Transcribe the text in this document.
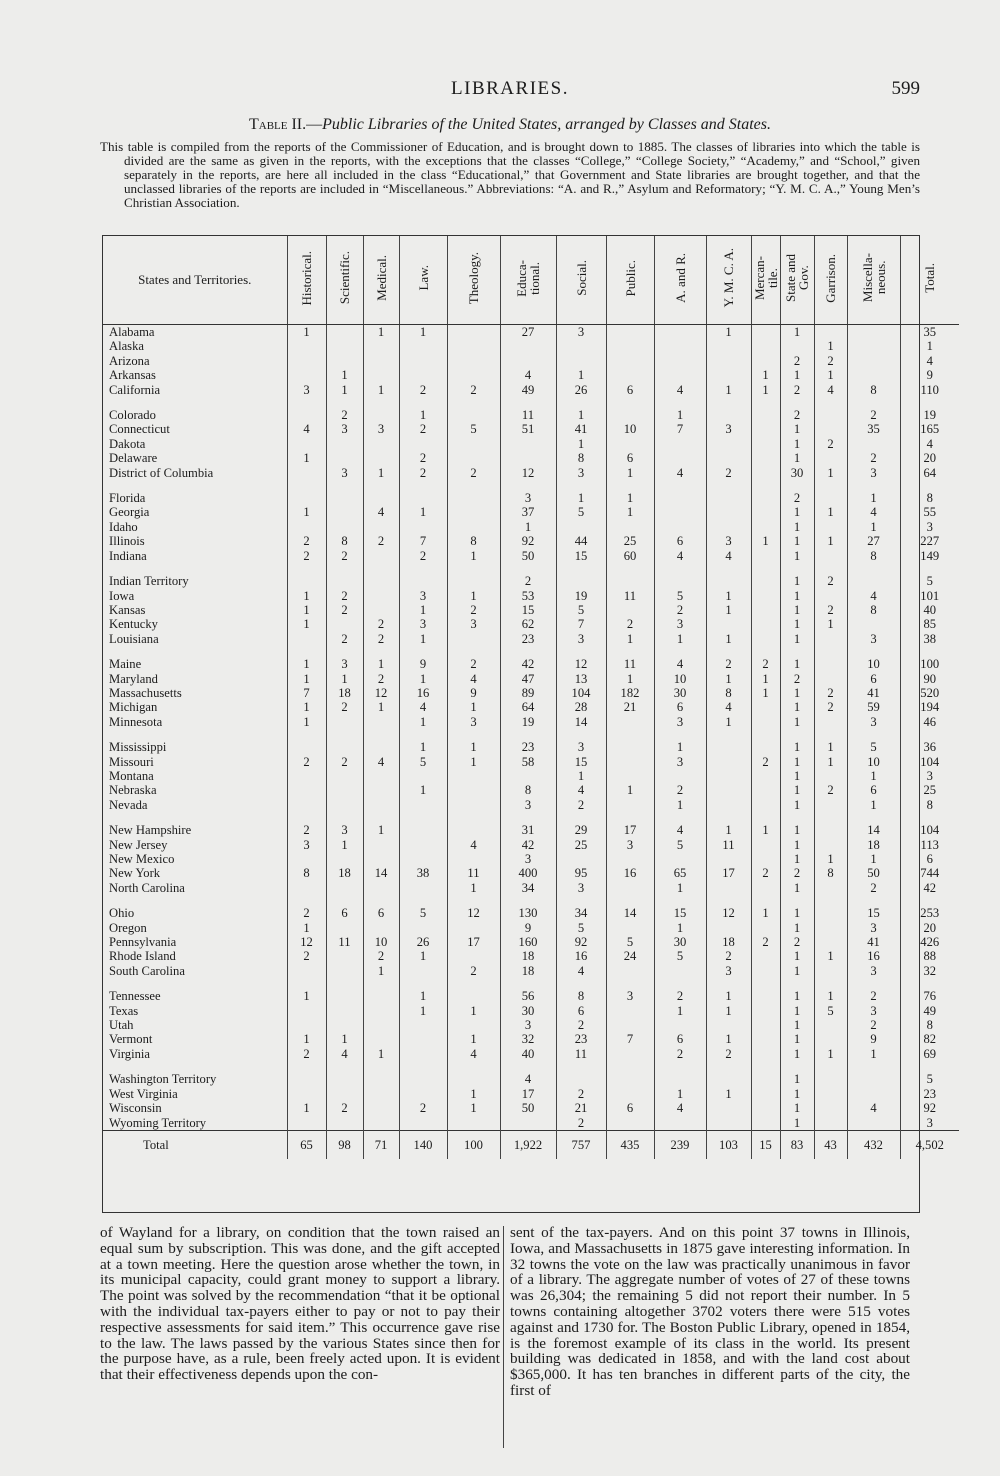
LIBRARIES.	599
Table II.—Public Libraries of the United States, arranged by Classes and States.

This table is compiled from the reports of the Commissioner of Education, and is brought down to 1885. The classes of libraries into which the table is divided are the same as given in the reports, with the exceptions that the classes “College,” “College Society,” “Academy,” and “School,” given separately in the reports, are here all included in the class “Educational,” that Government and State libraries are brought together, and that the unclassed libraries of the reports are included in “Miscellaneous.” Abbreviations: “A. and R.,” Asylum and Reformatory; “Y. M. C. A.,” Young Men’s Christian Association.

States and Territories.	Historical.	Scientific.	Medical.	Law.	Theology.	Educa-
tional.	Social.	Public.	A. and R.	Y. M. C. A.	Mercan-
tile.	State and
Gov.	Garrison.	Miscella-
neous.	Total.
Alabama	1		1	1		27	3			1		1			35
Alaska													1		1
Arizona												2	2		4
Arkansas		1				4	1				1	1	1		9
California	3	1	1	2	2	49	26	6	4	1	1	2	4	8	110

Colorado		2		1		11	1		1			2		2	19
Connecticut	4	3	3	2	5	51	41	10	7	3		1		35	165
Dakota							1					1	2		4
Delaware	1			2			8	6				1		2	20
District of Columbia		3	1	2	2	12	3	1	4	2		30	1	3	64

Florida						3	1	1				2		1	8
Georgia	1		4	1		37	5	1				1	1	4	55
Idaho						1						1		1	3
Illinois	2	8	2	7	8	92	44	25	6	3	1	1	1	27	227
Indiana	2	2		2	1	50	15	60	4	4		1		8	149

Indian Territory						2						1	2		5
Iowa	1	2		3	1	53	19	11	5	1		1		4	101
Kansas	1	2		1	2	15	5		2	1		1	2	8	40
Kentucky	1		2	3	3	62	7	2	3			1	1		85
Louisiana		2	2	1		23	3	1	1	1		1		3	38

Maine	1	3	1	9	2	42	12	11	4	2	2	1		10	100
Maryland	1	1	2	1	4	47	13	1	10	1	1	2		6	90
Massachusetts	7	18	12	16	9	89	104	182	30	8	1	1	2	41	520
Michigan	1	2	1	4	1	64	28	21	6	4		1	2	59	194
Minnesota	1			1	3	19	14		3	1		1		3	46

Mississippi				1	1	23	3		1			1	1	5	36
Missouri	2	2	4	5	1	58	15		3		2	1	1	10	104
Montana							1					1		1	3
Nebraska				1		8	4	1	2			1	2	6	25
Nevada						3	2		1			1		1	8

New Hampshire	2	3	1			31	29	17	4	1	1	1		14	104
New Jersey	3	1			4	42	25	3	5	11		1		18	113
New Mexico						3						1	1	1	6
New York	8	18	14	38	11	400	95	16	65	17	2	2	8	50	744
North Carolina					1	34	3		1			1		2	42

Ohio	2	6	6	5	12	130	34	14	15	12	1	1		15	253
Oregon	1					9	5		1			1		3	20
Pennsylvania	12	11	10	26	17	160	92	5	30	18	2	2		41	426
Rhode Island	2		2	1		18	16	24	5	2		1	1	16	88
South Carolina			1		2	18	4			3		1		3	32

Tennessee	1			1		56	8	3	2	1		1	1	2	76
Texas				1	1	30	6		1	1		1	5	3	49
Utah						3	2					1		2	8
Vermont	1	1			1	32	23	7	6	1		1		9	82
Virginia	2	4	1		4	40	11		2	2		1	1	1	69

Washington Territory						4						1			5
West Virginia					1	17	2		1	1		1			23
Wisconsin	1	2		2	1	50	21	6	4			1		4	92
Wyoming Territory							2					1			3
Total	65	98	71	140	100	1,922	757	435	239	103	15	83	43	432	4,502
of Wayland for a library, on condition that the town raised an equal sum by subscription. This was done, and the gift accepted at a town meeting. Here the question arose whether the town, in its municipal capacity, could grant money to support a library. The point was solved by the recommendation “that it be optional with the individual tax-payers either to pay or not to pay their respective assessments for said item.” This occurrence gave rise to the law. The laws passed by the various States since then for the purpose have, as a rule, been freely acted upon. It is evident that their effectiveness depends upon the con-
sent of the tax-payers. And on this point 37 towns in Illinois, Iowa, and Massachusetts in 1875 gave interesting information. In 32 towns the vote on the law was practically unanimous in favor of a library. The aggregate number of votes of 27 of these towns was 26,304; the remaining 5 did not report their number. In 5 towns containing altogether 3702 voters there were 515 votes against and 1730 for. The Boston Public Library, opened in 1854, is the foremost example of its class in the world. Its present building was dedicated in 1858, and with the land cost about $365,000. It has ten branches in different parts of the city, the first of
